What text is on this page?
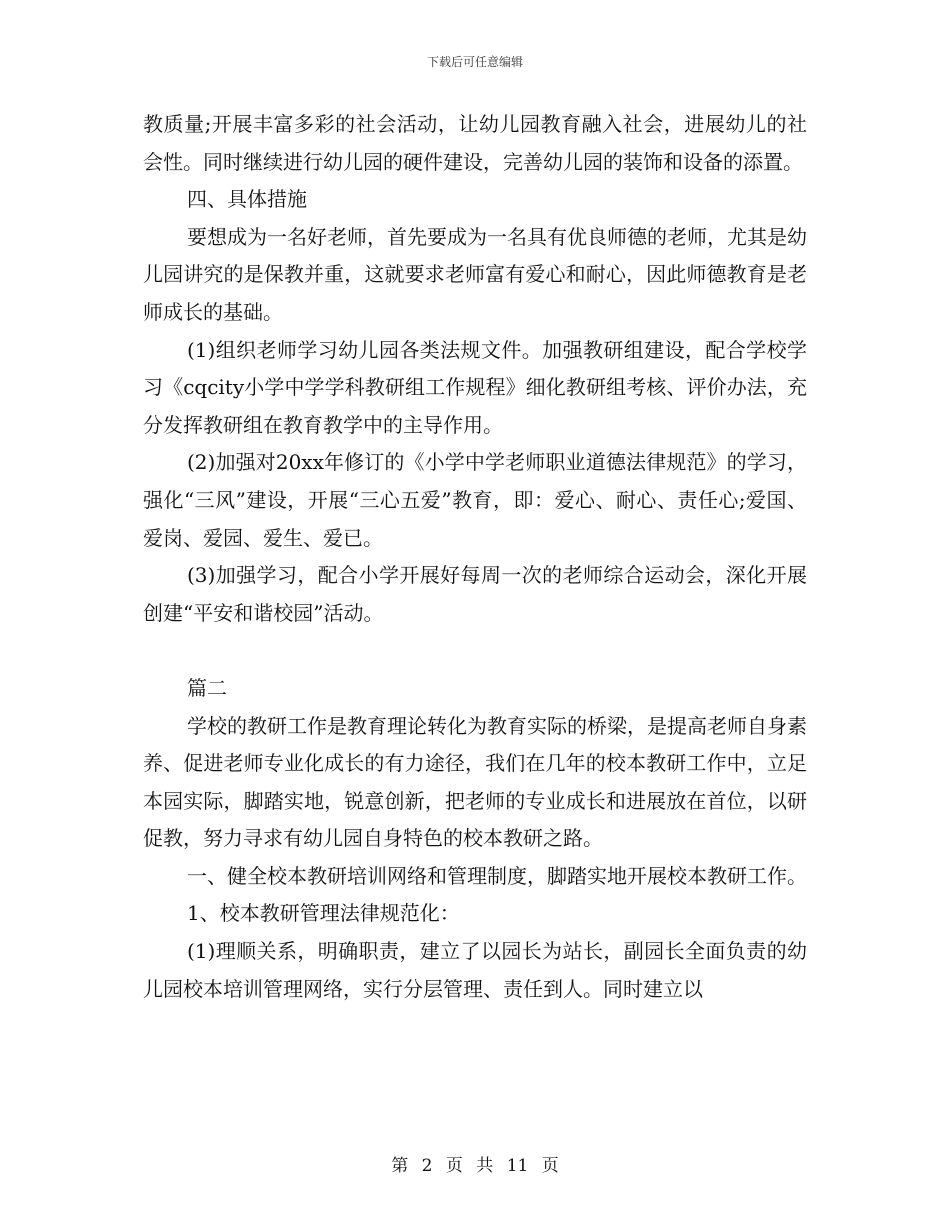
下载后可任意编辑

教质量;开展丰富多彩的社会活动，让幼儿园教育融入社会，进展幼儿的社会性。同时继续进行幼儿园的硬件建设，完善幼儿园的装饰和设备的添置。

四、具体措施

要想成为一名好老师，首先要成为一名具有优良师德的老师，尤其是幼儿园讲究的是保教并重，这就要求老师富有爱心和耐心，因此师德教育是老师成长的基础。

(1)组织老师学习幼儿园各类法规文件。加强教研组建设，配合学校学习《cqcity小学中学学科教研组工作规程》细化教研组考核、评价办法，充分发挥教研组在教育教学中的主导作用。

(2)加强对20xx年修订的《小学中学老师职业道德法律规范》的学习，强化“三风”建设，开展“三心五爱”教育，即：爱心、耐心、责任心;爱国、爱岗、爱园、爱生、爱已。

(3)加强学习，配合小学开展好每周一次的老师综合运动会，深化开展创建“平安和谐校园”活动。

篇二

学校的教研工作是教育理论转化为教育实际的桥梁，是提高老师自身素养、促进老师专业化成长的有力途径，我们在几年的校本教研工作中，立足本园实际，脚踏实地，锐意创新，把老师的专业成长和进展放在首位，以研促教，努力寻求有幼儿园自身特色的校本教研之路。

一、健全校本教研培训网络和管理制度，脚踏实地开展校本教研工作。

1、校本教研管理法律规范化：

(1)理顺关系，明确职责，建立了以园长为站长，副园长全面负责的幼儿园校本培训管理网络，实行分层管理、责任到人。同时建立以

第 2 页 共 11 页
